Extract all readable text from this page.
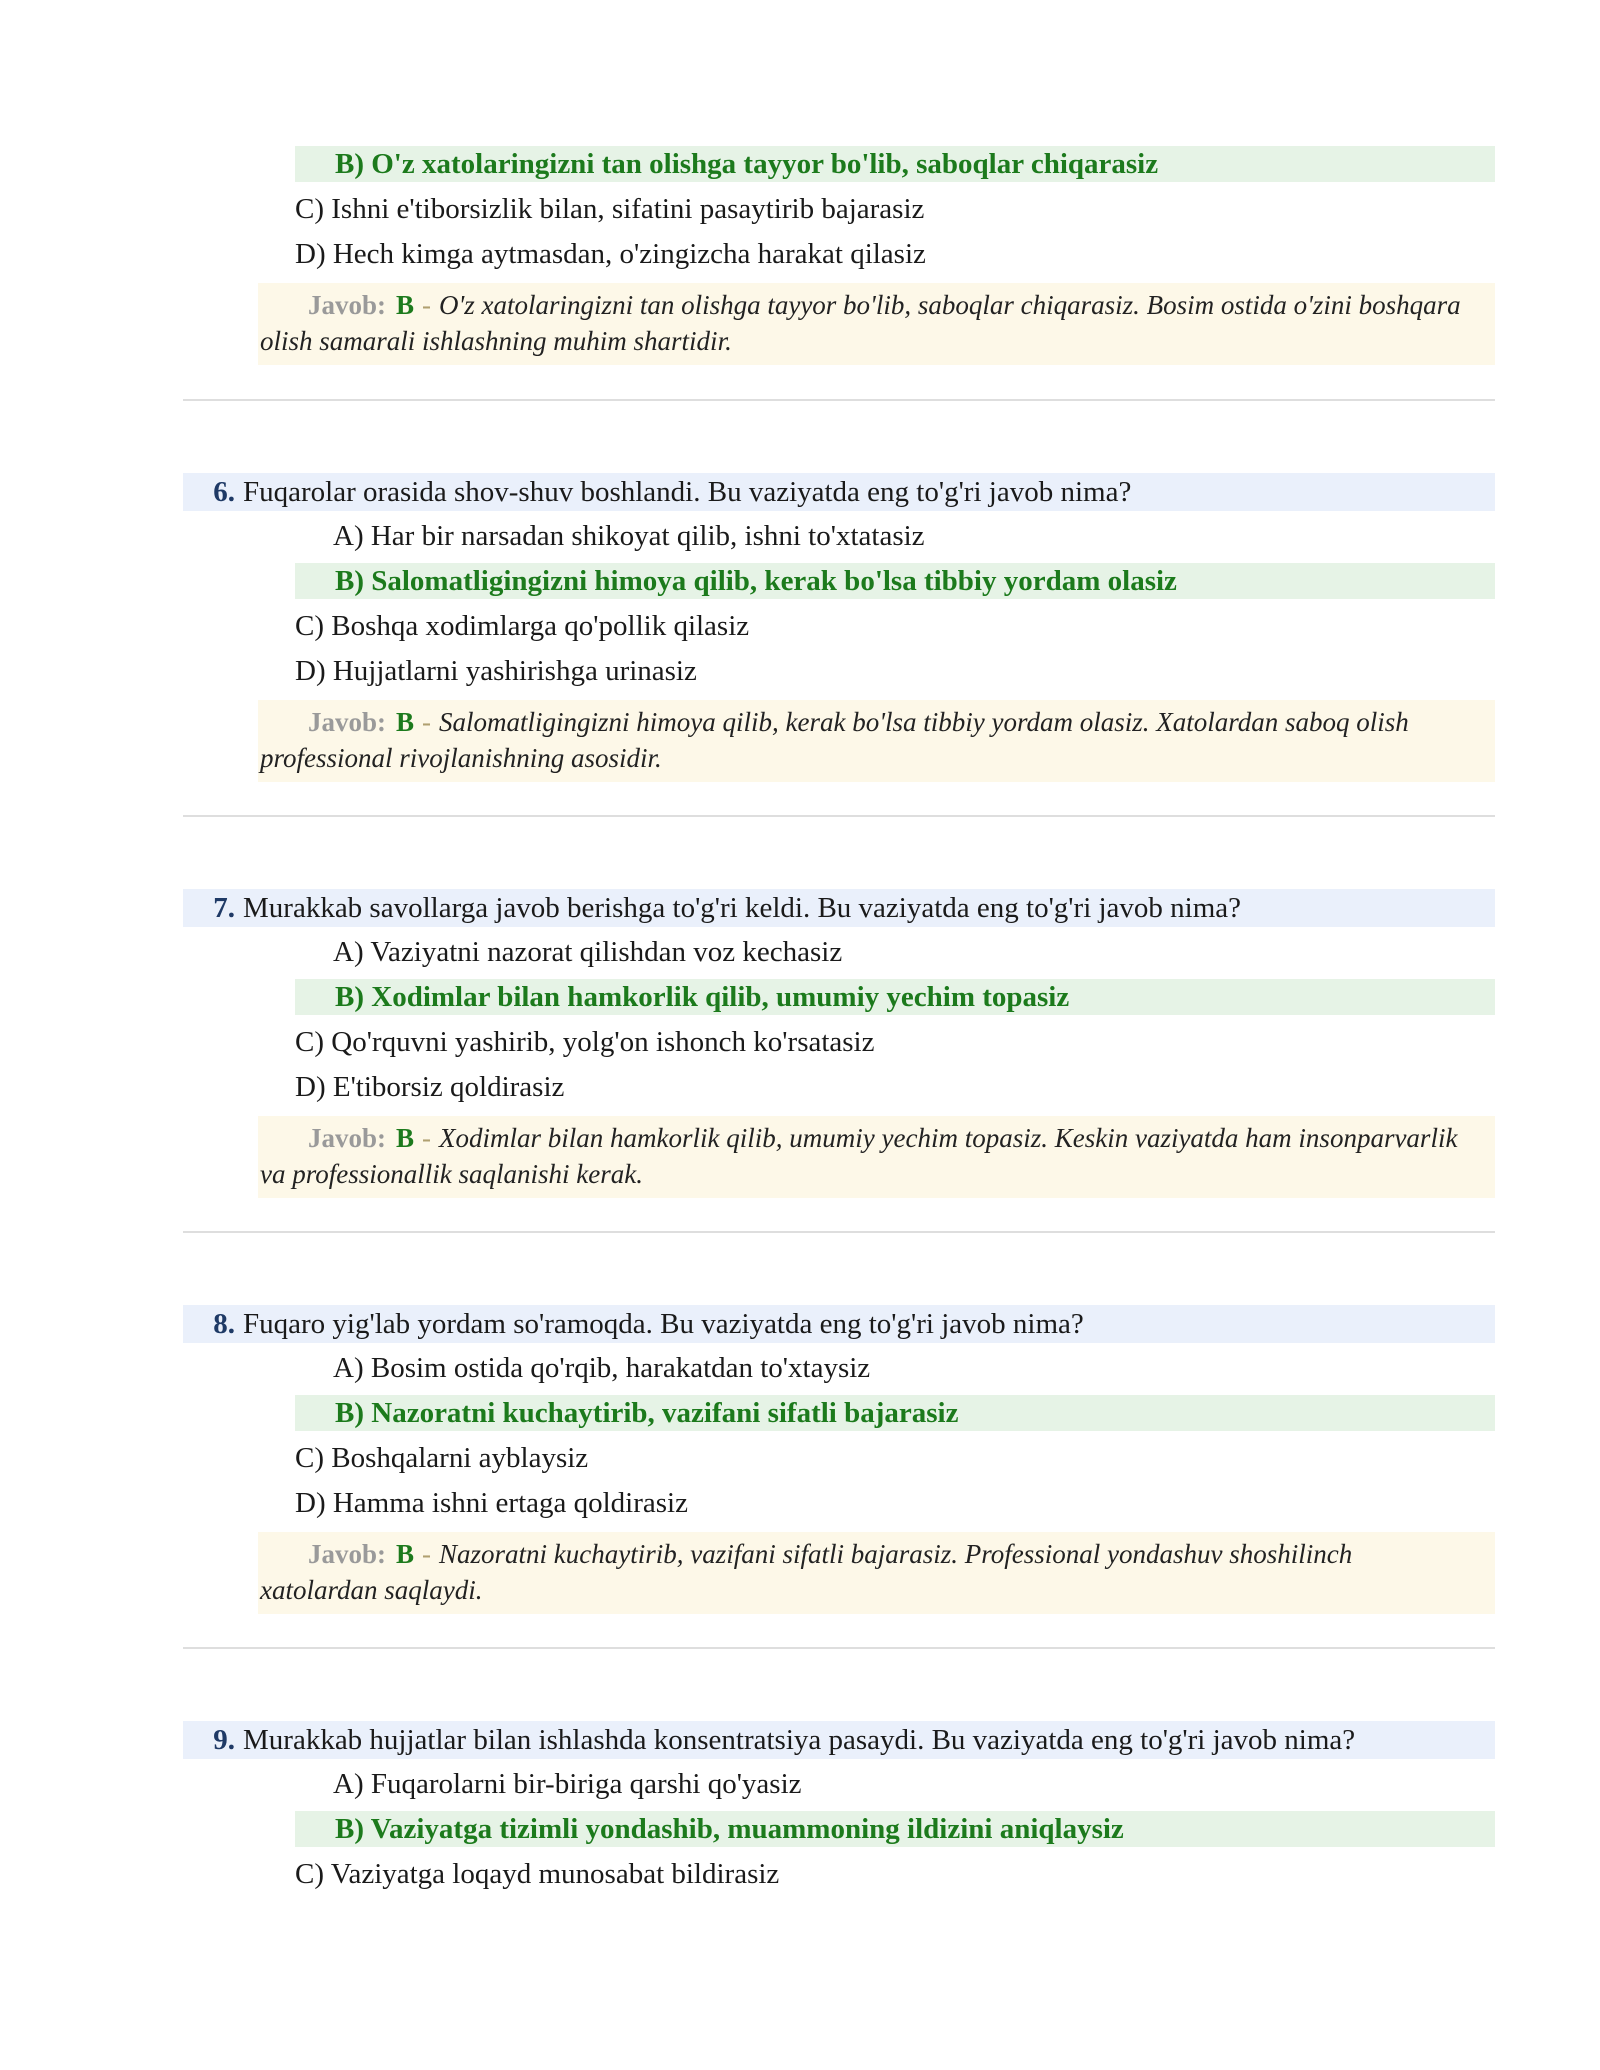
B) O'z xatolaringizni tan olishga tayyor bo'lib, saboqlar chiqarasiz
C) Ishni e'tiborsizlik bilan, sifatini pasaytirib bajarasiz
D) Hech kimga aytmasdan, o'zingizcha harakat qilasiz
Javob: B - O'z xatolaringizni tan olishga tayyor bo'lib, saboqlar chiqarasiz. Bosim ostida o'zini boshqara olish samarali ishlashning muhim shartidir.
6. Fuqarolar orasida shov-shuv boshlandi. Bu vaziyatda eng to'g'ri javob nima?
A) Har bir narsadan shikoyat qilib, ishni to'xtatasiz
B) Salomatligingizni himoya qilib, kerak bo'lsa tibbiy yordam olasiz
C) Boshqa xodimlarga qo'pollik qilasiz
D) Hujjatlarni yashirishga urinasiz
Javob: B - Salomatligingizni himoya qilib, kerak bo'lsa tibbiy yordam olasiz. Xatolardan saboq olish professional rivojlanishning asosidir.
7. Murakkab savollarga javob berishga to'g'ri keldi. Bu vaziyatda eng to'g'ri javob nima?
A) Vaziyatni nazorat qilishdan voz kechasiz
B) Xodimlar bilan hamkorlik qilib, umumiy yechim topasiz
C) Qo'rquvni yashirib, yolg'on ishonch ko'rsatasiz
D) E'tiborsiz qoldirasiz
Javob: B - Xodimlar bilan hamkorlik qilib, umumiy yechim topasiz. Keskin vaziyatda ham insonparvarlik va professionallik saqlanishi kerak.
8. Fuqaro yig'lab yordam so'ramoqda. Bu vaziyatda eng to'g'ri javob nima?
A) Bosim ostida qo'rqib, harakatdan to'xtaysiz
B) Nazoratni kuchaytirib, vazifani sifatli bajarasiz
C) Boshqalarni ayblaysiz
D) Hamma ishni ertaga qoldirasiz
Javob: B - Nazoratni kuchaytirib, vazifani sifatli bajarasiz. Professional yondashuv shoshilinch xatolardan saqlaydi.
9. Murakkab hujjatlar bilan ishlashda konsentratsiya pasaydi. Bu vaziyatda eng to'g'ri javob nima?
A) Fuqarolarni bir-biriga qarshi qo'yasiz
B) Vaziyatga tizimli yondashib, muammoning ildizini aniqlaysiz
C) Vaziyatga loqayd munosabat bildirasiz
